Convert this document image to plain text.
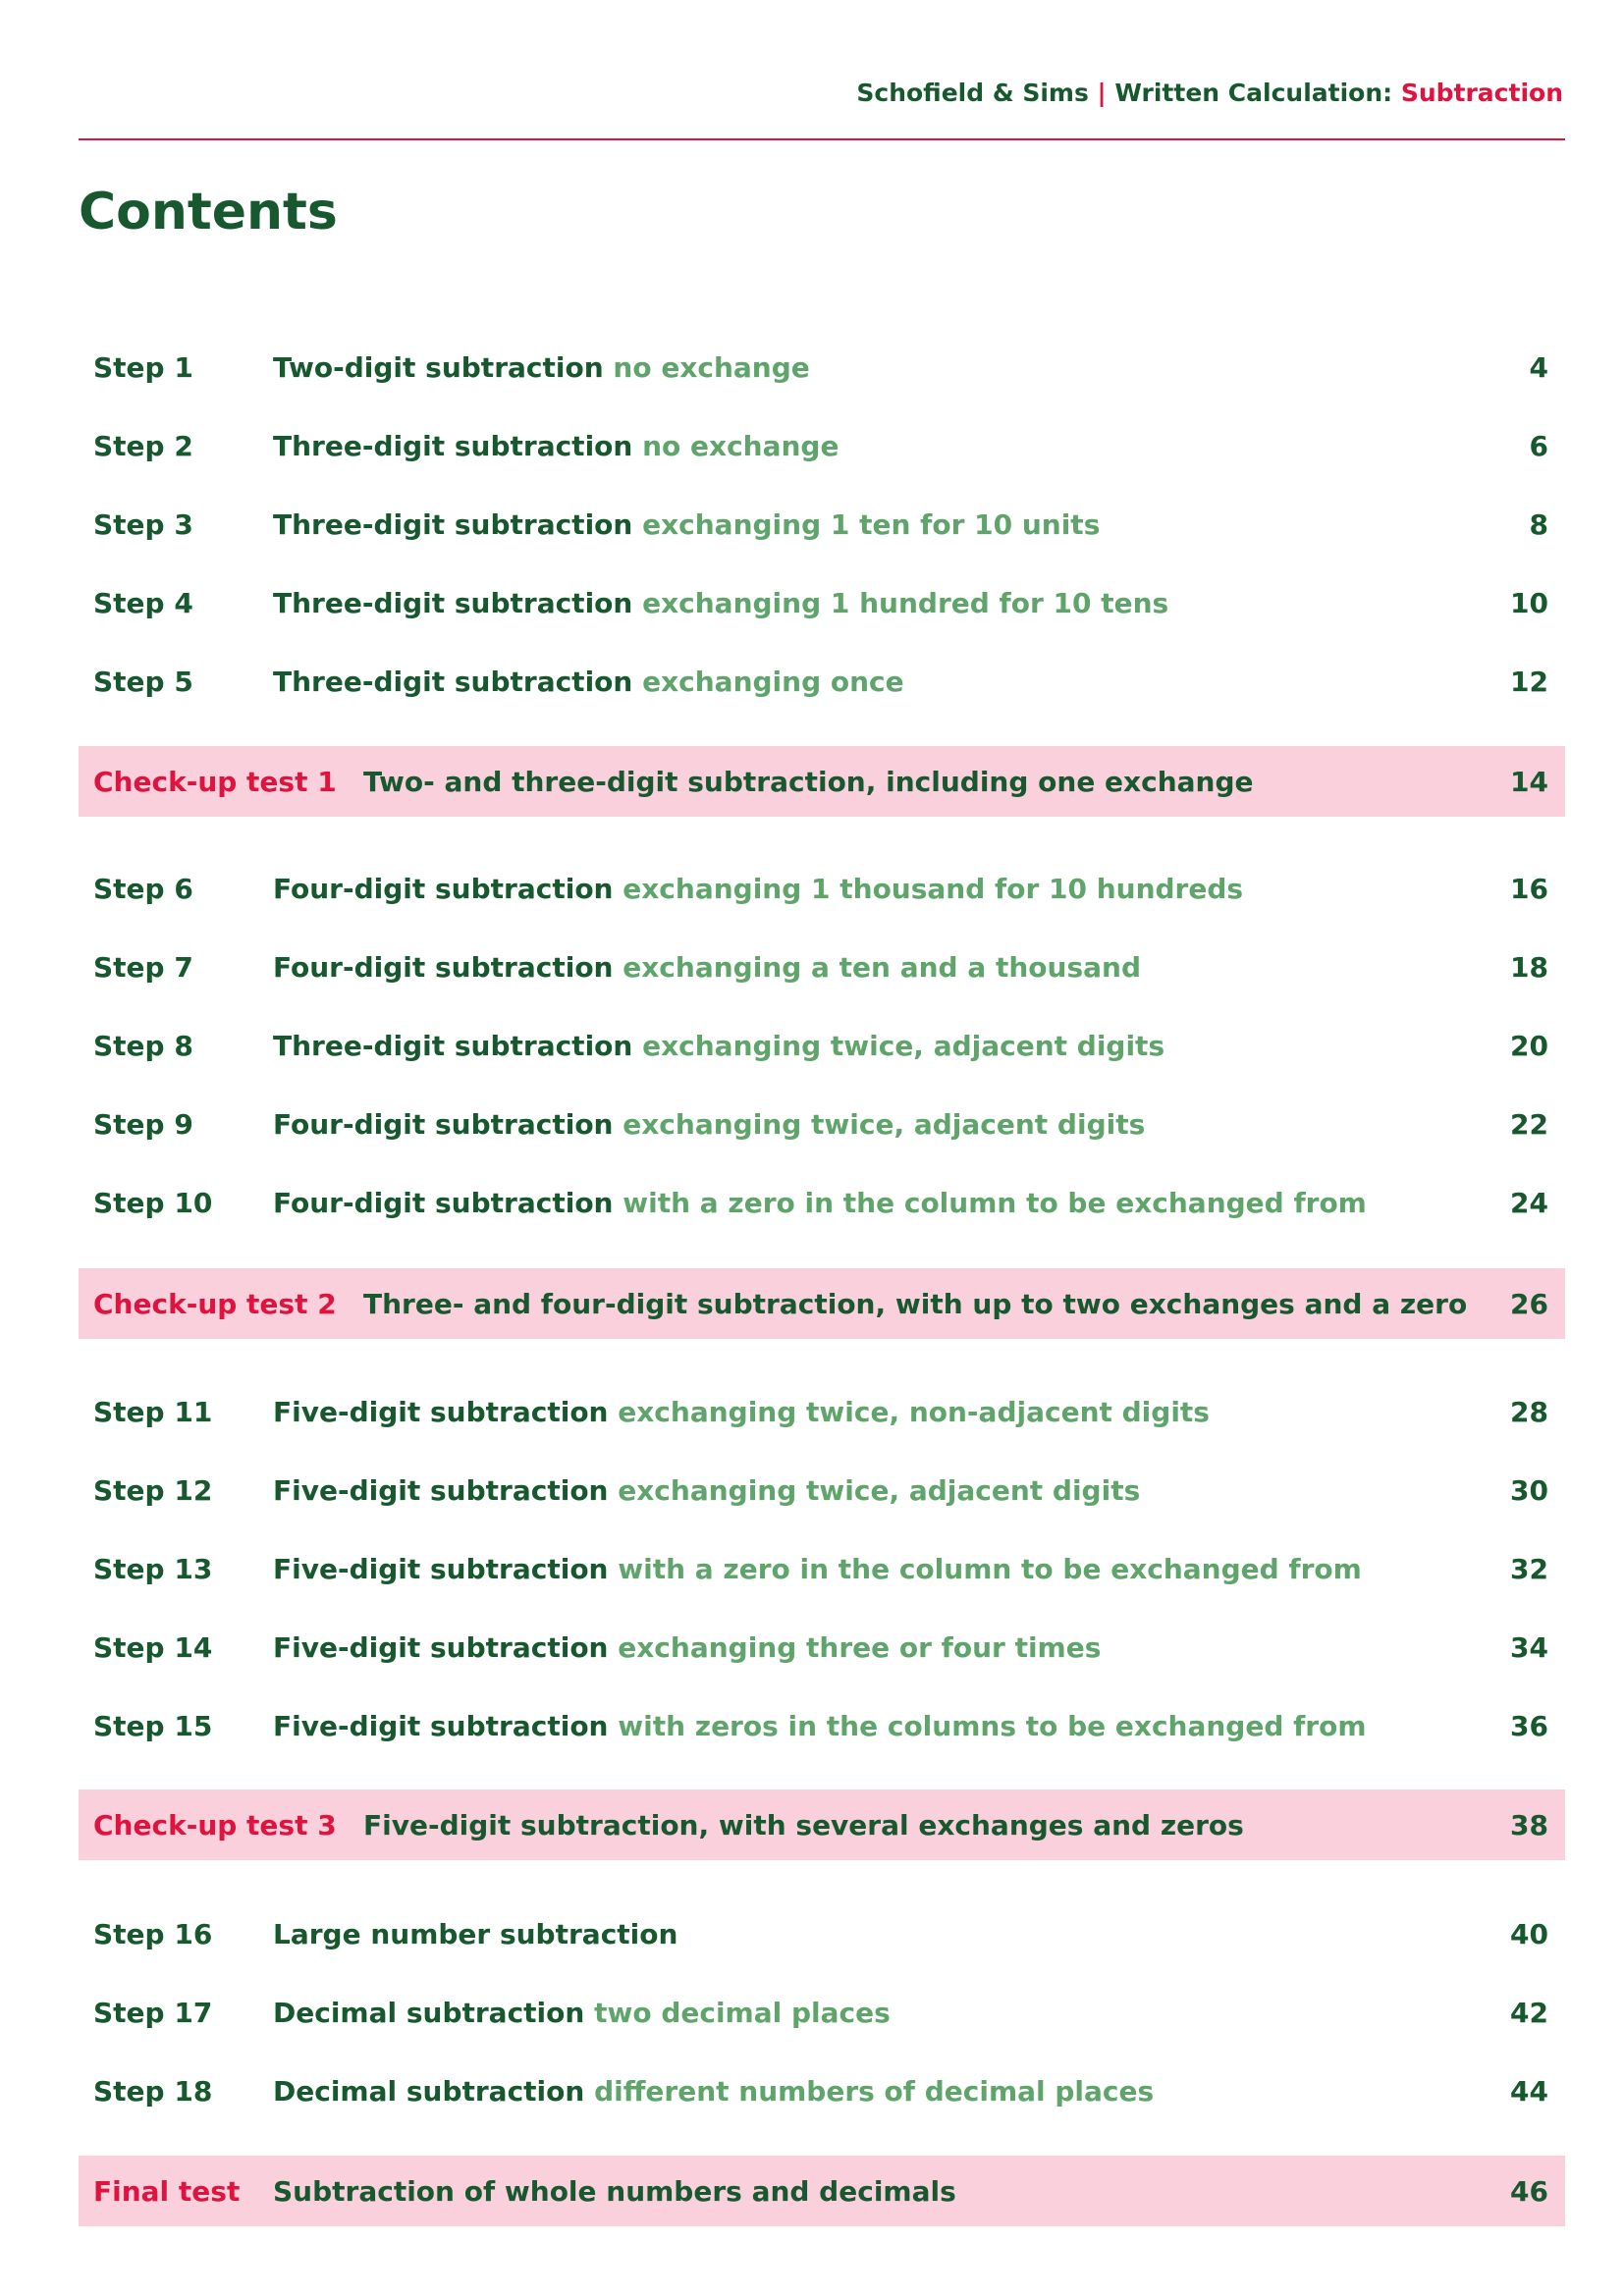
Schofield & Sims | Written Calculation: Subtraction
Contents
Step 1	Two-digit subtraction no exchange	4
Step 2	Three-digit subtraction no exchange	6
Step 3	Three-digit subtraction exchanging 1 ten for 10 units	8
Step 4	Three-digit subtraction exchanging 1 hundred for 10 tens	10
Step 5	Three-digit subtraction exchanging once	12
Check-up test 1 Two- and three-digit subtraction, including one exchange	14
Step 6	Four-digit subtraction exchanging 1 thousand for 10 hundreds	16
Step 7	Four-digit subtraction exchanging a ten and a thousand	18
Step 8	Three-digit subtraction exchanging twice, adjacent digits	20
Step 9	Four-digit subtraction exchanging twice, adjacent digits	22
Step 10 Four-digit subtraction with a zero in the column to be exchanged from	24
Check-up test 2 Three- and four-digit subtraction, with up to two exchanges and a zero 26
Step 11 Five-digit subtraction exchanging twice, non-adjacent digits	28
Step 12 Five-digit subtraction exchanging twice, adjacent digits	30
Step 13 Five-digit subtraction with a zero in the column to be exchanged from	32
Step 14 Five-digit subtraction exchanging three or four times	34
Step 15 Five-digit subtraction with zeros in the columns to be exchanged from	36
Check-up test 3 Five-digit subtraction, with several exchanges and zeros	38
Step 16 Large number subtraction	40
Step 17 Decimal subtraction two decimal places	42
Step 18 Decimal subtraction different numbers of decimal places	44
Final test Subtraction of whole numbers and decimals	46
